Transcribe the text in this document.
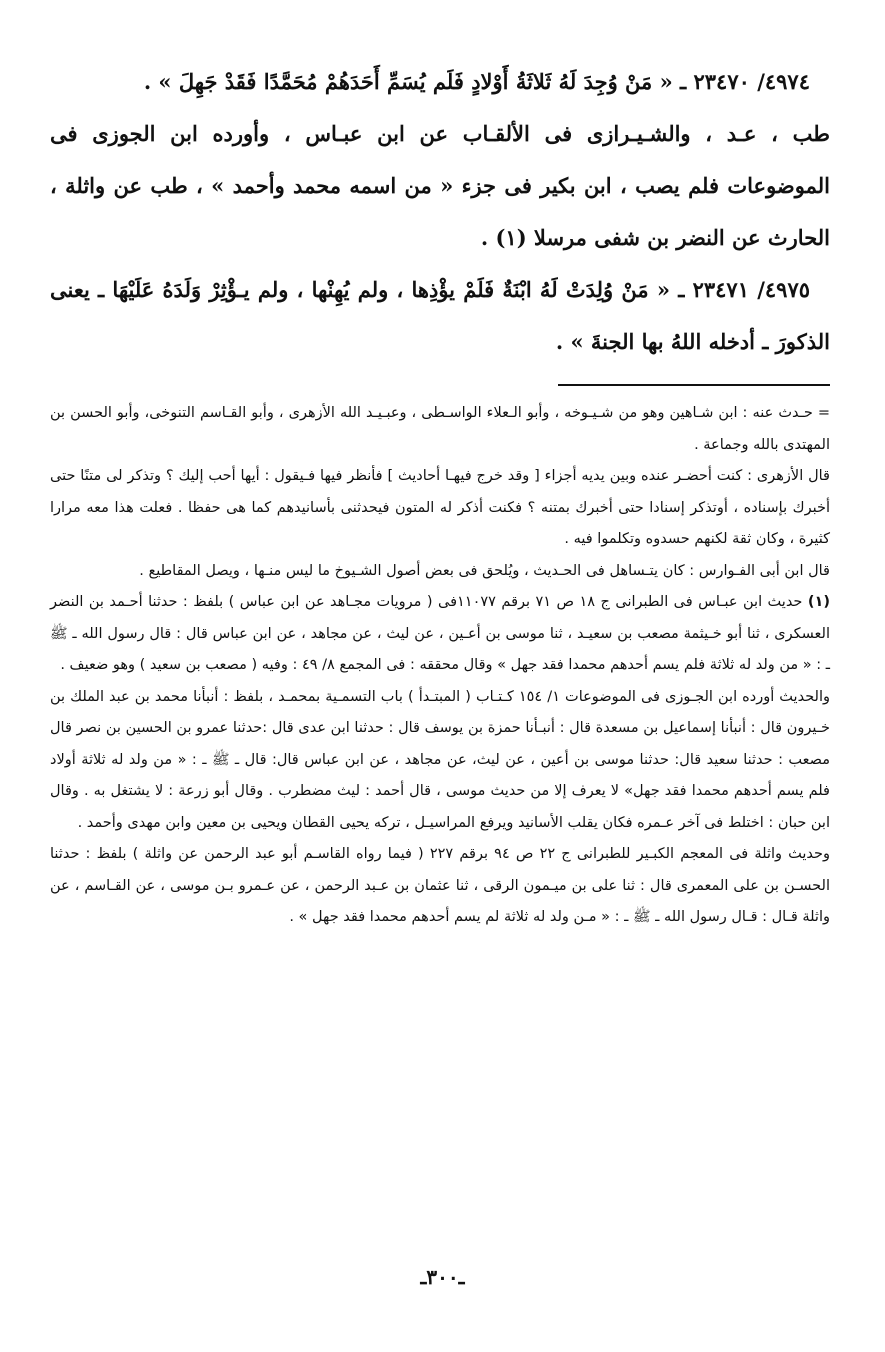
٤٩٧٤/ ٢٣٤٧٠ ـ « مَنْ وُجِدَ لَهُ ثَلاثَةُ أَوْلادٍ فَلَم يُسَمِّ أَحَدَهُمْ مُحَمَّدًا فَقَدْ جَهِلَ » .

طب ، عـد ، والشـيـرازى فى الألقـاب عن ابن عبـاس ، وأورده ابن الجوزى فى الموضوعات فلم يصب ، ابن بكير فى جزء « من اسمه محمد وأحمد » ، طب عن واثلة ، الحارث عن النضر بن شفى مرسلا (١) .

٤٩٧٥/ ٢٣٤٧١ ـ « مَنْ وُلِدَتْ لَهُ ابْنَةٌ فَلَمْ يؤْذِها ، ولم يُهِنْها ، ولم يـؤْثِرْ وَلَدَهُ عَلَيْهَا ـ يعنى الذكورَ ـ أدخله اللهُ بها الجنةَ » .

= حـدث عنه : ابن شـاهين وهو من شـيـوخه ، وأبو الـعلاء الواسـطى ، وعبـيـد الله الأزهرى ، وأبو القـاسم التنوخى، وأبو الحسن بن المهتدى بالله وجماعة .

قال الأزهرى : كنت أحضـر عنده وبين يديه أجزاء [ وقد خرج فيهـا أحاديث ] فأنظر فيها فـيقول : أيها أحب إليك ؟ وتذكر لى متنًا حتى أخبرك بإسناده ، أوتذكر إسنادا حتى أخبرك بمتنه ؟ فكنت أذكر له المتون فيحدثنى بأسانيدهم كما هى حفظا . فعلت هذا معه مرارا كثيرة ، وكان ثقة لكنهم حسدوه وتكلموا فيه .

قال ابن أبى الفـوارس : كان يتـساهل فى الحـديث ، ويُلحق فى بعض أصول الشـيوخ ما ليس منـها ، ويصل المقاطيع .

(١) حديث ابن عبـاس فى الطبرانى ج ١٨ ص ٧١ برقم ١١٠٧٧فى ( مرويات مجـاهد عن ابن عباس ) بلفظ : حدثنا أحـمد بن النضر العسكرى ، ثنا أبو خـيثمة مصعب بن سعيـد ، ثنا موسى بن أعـين ، عن ليث ، عن مجاهد ، عن ابن عباس قال : قال رسول الله ـ ﷺ ـ : « من ولد له ثلاثة فلم يسم أحدهم محمدا فقد جهل » وقال محققه : فى المجمع ٨/ ٤٩ : وفيه ( مصعب بن سعيد ) وهو ضعيف .

والحديث أورده ابن الجـوزى فى الموضوعات ١/ ١٥٤ كـتـاب ( المبتـدأ ) باب التسمـية بمحمـد ، بلفظ : أنبأنا محمد بن عبد الملك بن خـيرون قال : أنبأنا إسماعيل بن مسعدة قال : أنبـأنا حمزة بن يوسف قال : حدثنا ابن عدى قال :حدثنا عمرو بن الحسين بن نصر قال مصعب : حدثنا سعيد قال: حدثنا موسى بن أعين ، عن ليث، عن مجاهد ، عن ابن عباس قال: قال ـ ﷺ ـ : « من ولد له ثلاثة أولاد فلم يسم أحدهم محمدا فقد جهل» لا يعرف إلا من حديث موسى ، قال أحمد : ليث مضطرب . وقال أبو زرعة : لا يشتغل به . وقال ابن حبان : اختلط فى آخر عـمره فكان يقلب الأسانيد ويرفع المراسيـل ، تركه يحيى القطان ويحيى بن معين وابن مهدى وأحمد .

وحديث واثلة فى المعجم الكبـير للطبرانى ج ٢٢ ص ٩٤ برقم ٢٢٧ ( فيما رواه القاسـم أبو عبد الرحمن عن واثلة ) بلفظ : حدثنا الحسـن بن على المعمرى قال : ثنا على بن ميـمون الرقى ، ثنا عثمان بن عـبد الرحمن ، عن عـمرو بـن موسى ، عن القـاسم ، عن واثلة قـال : قـال رسول الله ـ ﷺ ـ : « مـن ولد له ثلاثة لم يسم أحدهم محمدا فقد جهل » .

ـ٣٠٠ـ
